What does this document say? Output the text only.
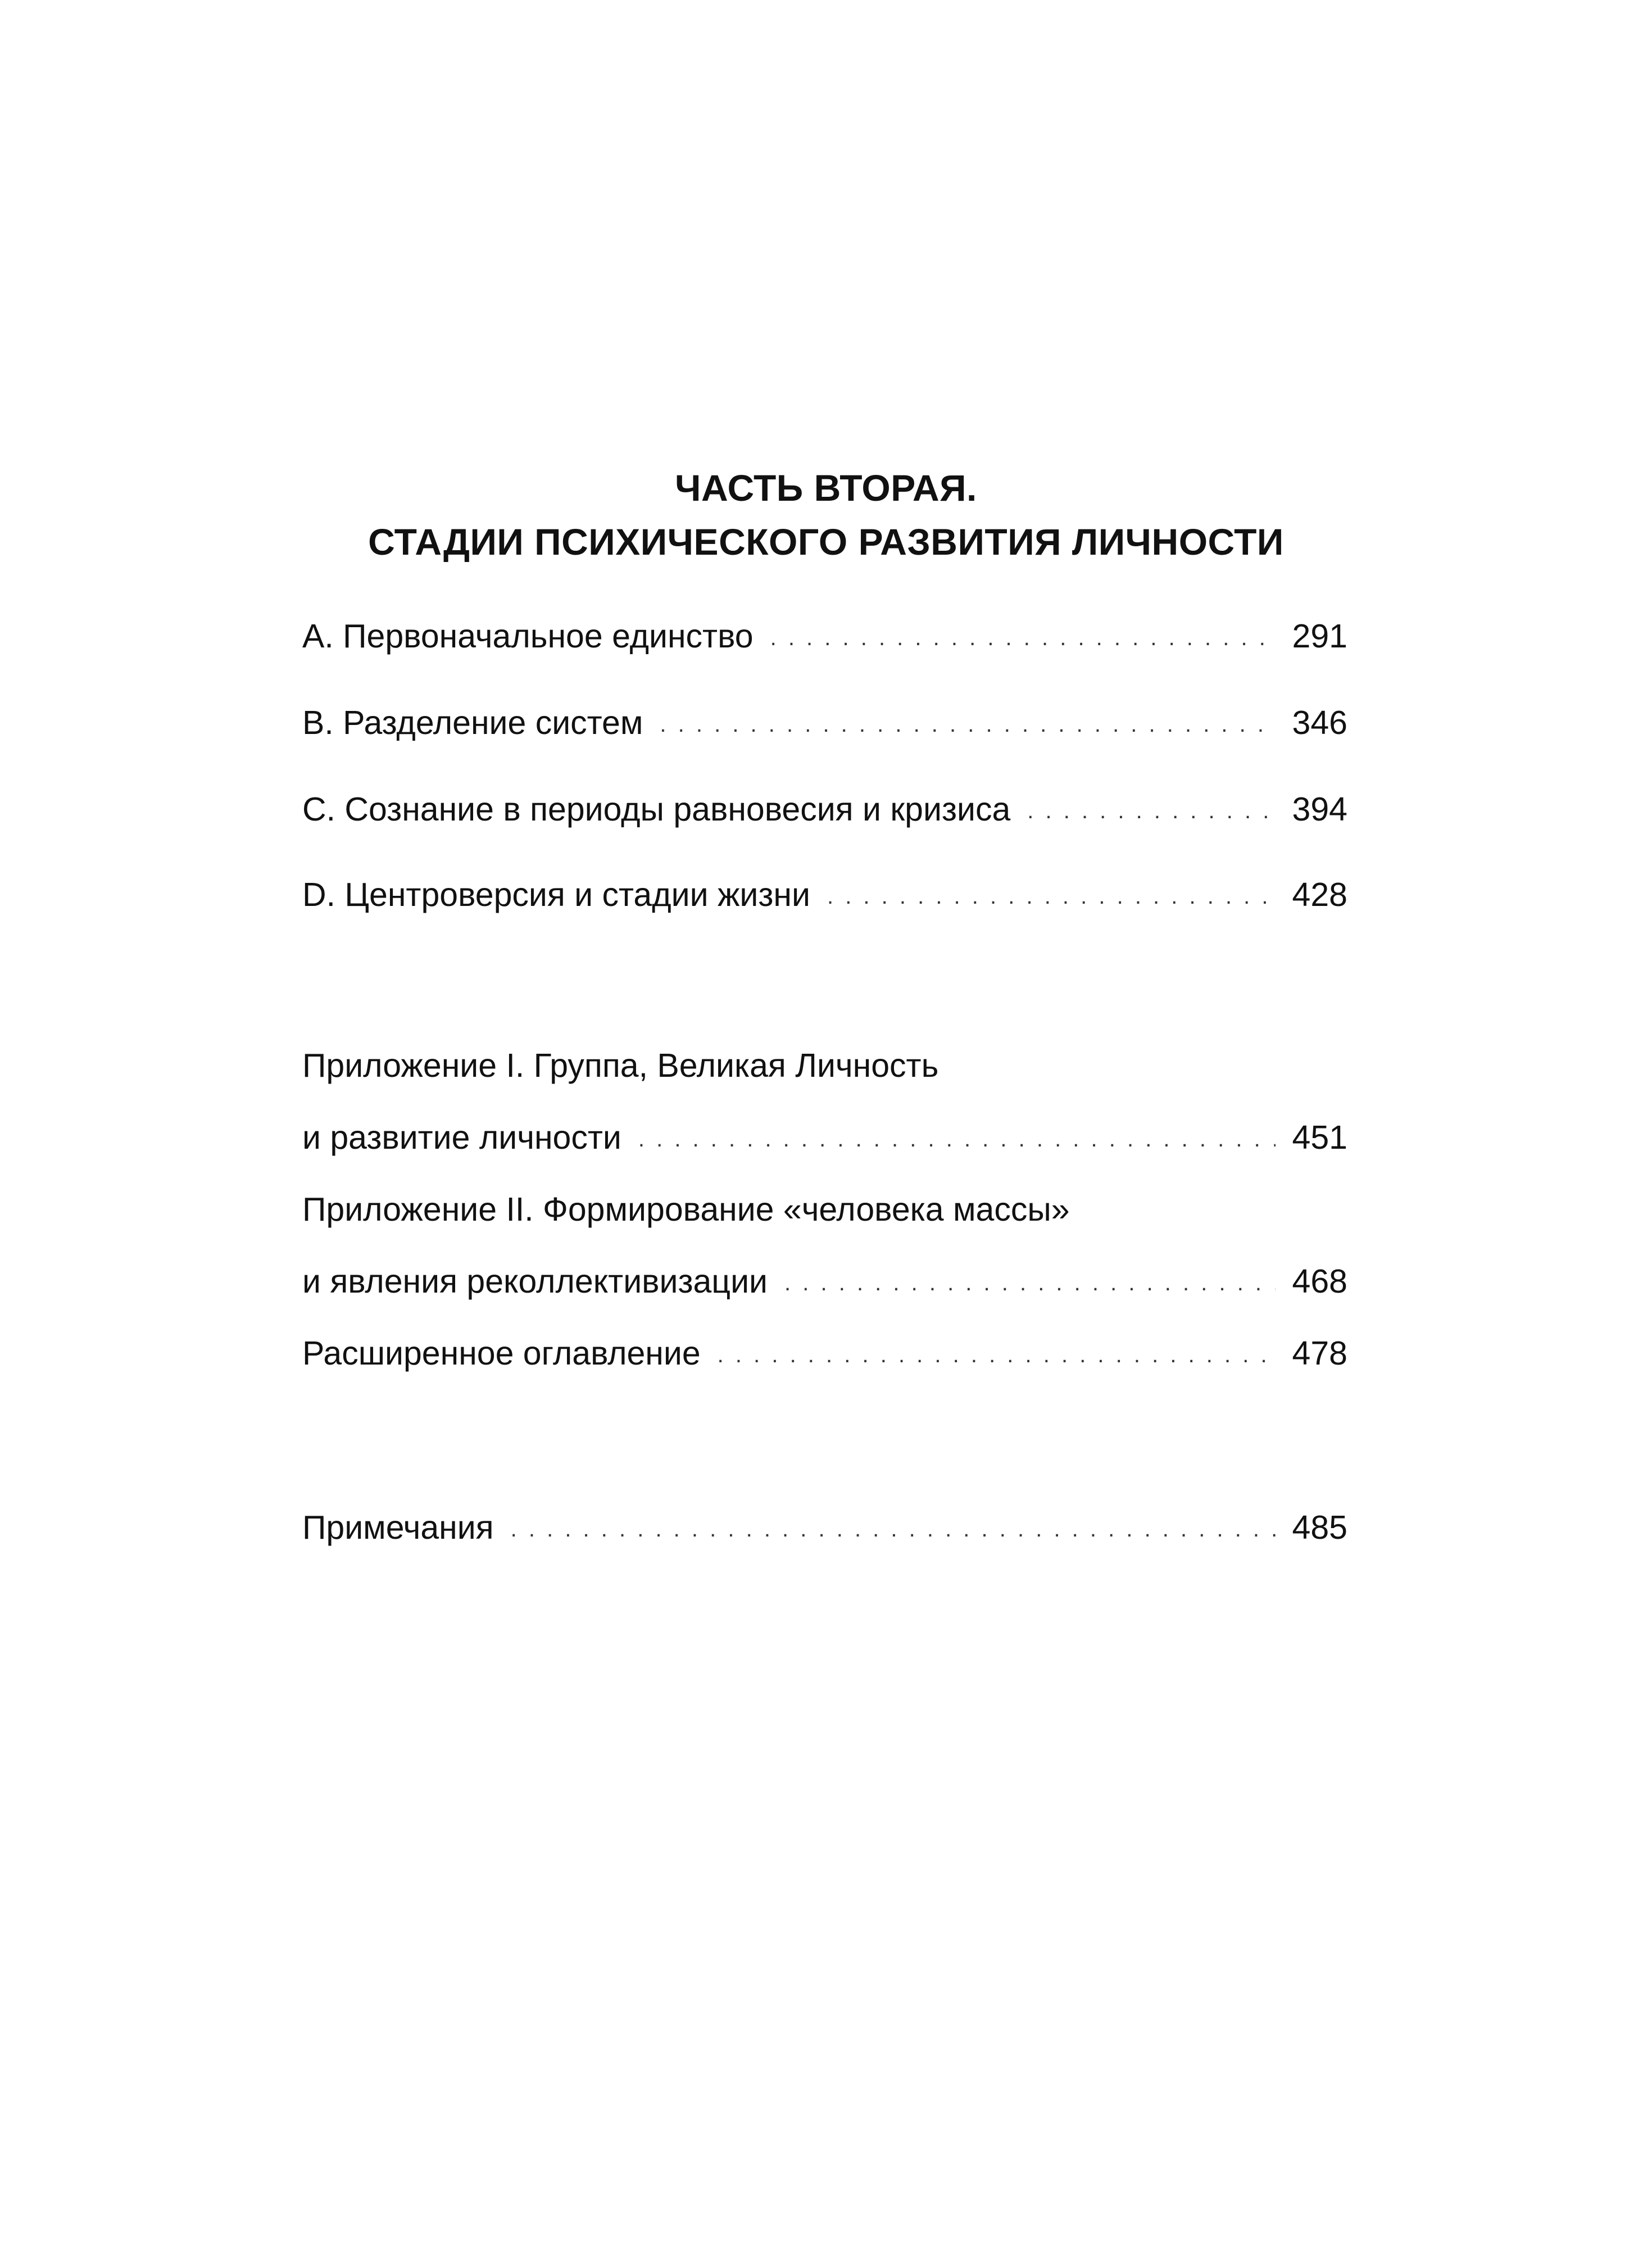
ЧАСТЬ ВТОРАЯ.
СТАДИИ ПСИХИЧЕСКОГО РАЗВИТИЯ ЛИЧНОСТИ
A. Первоначальное единство . . .	291
B. Разделение систем . . .	346
C. Сознание в периоды равновесия и кризиса . . .	394
D. Центроверсия и стадии жизни . . .	428
Приложение I. Группа, Великая Личность
и развитие личности . . .	451
Приложение II. Формирование «человека массы»
и явления реколлективизации . . .	468
Расширенное оглавление . . .	478
Примечания . . .	485
